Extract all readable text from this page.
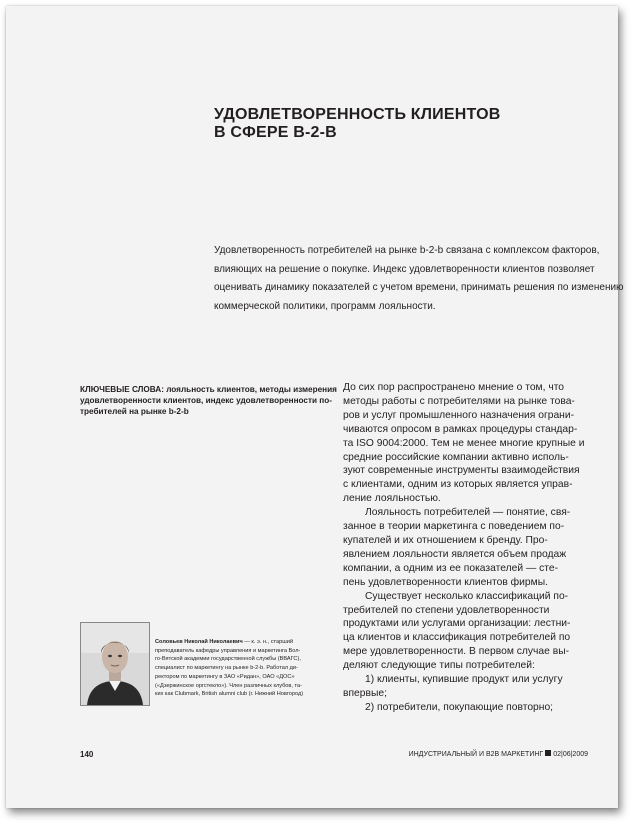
УДОВЛЕТВОРЕННОСТЬ КЛИЕНТОВ
В СФЕРЕ B-2-B
Удовлетворенность потребителей на рынке b-2-b связана с комплексом факторов,
влияющих на решение о покупке. Индекс удовлетворенности клиентов позволяет
оценивать динамику показателей с учетом времени, принимать решения по изменению
коммерческой политики, программ лояльности.
КЛЮЧЕВЫЕ СЛОВА: лояльность клиентов, методы измерения
удовлетворенности клиентов, индекс удовлетворенности по-
требителей на рынке b-2-b
До сих пор распространено мнение о том, что
методы работы с потребителями на рынке това-
ров и услуг промышленного назначения ограни-
чиваются опросом в рамках процедуры стандар-
та ISO 9004:2000. Тем не менее многие крупные и
средние российские компании активно исполь-
зуют современные инструменты взаимодействия
с клиентами, одним из которых является управ-
ление лояльностью.
Лояльность потребителей — понятие, свя-
занное в теории маркетинга с поведением по-
купателей и их отношением к бренду. Про-
явлением лояльности является объем продаж
компании, а одним из ее показателей — сте-
пень удовлетворенности клиентов фирмы.
Существует несколько классификаций по-
требителей по степени удовлетворенности
продуктами или услугами организации: лестни-
ца клиентов и классификация потребителей по
мере удовлетворенности. В первом случае вы-
деляют следующие типы потребителей:
1) клиенты, купившие продукт или услугу
впервые;
2) потребители, покупающие повторно;
Соловьев Николай Николаевич — к. э. н., старший
преподаватель кафедры управления и маркетинга Вол-
го-Вятской академии государственной службы (ВВАГС),
специалист по маркетингу на рынке b-2-b. Работал ди-
ректором по маркетингу в ЗАО «Ридан», ОАО «ДОС»
(«Дзержинское оргстекло»). Член различных клубов, та-
ких как Clubmark, British alumni club (г. Нижний Новгород)
140	ИНДУСТРИАЛЬНЫЙ И B2B МАРКЕТИНГ 02|06|2009
